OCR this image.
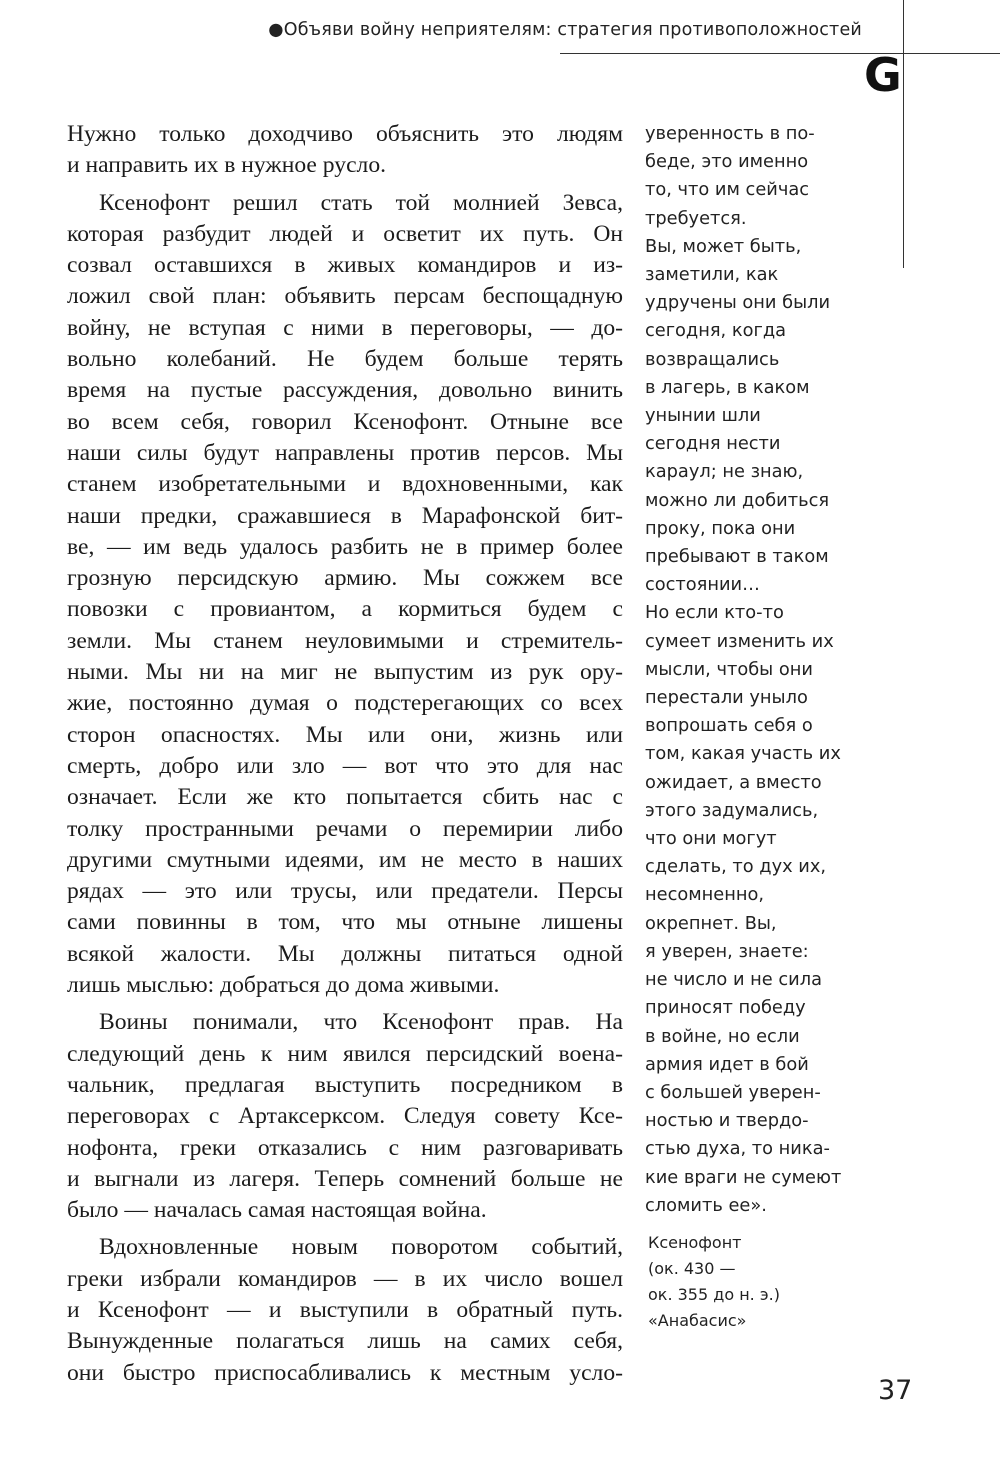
●Объяви войну неприятелям: стратегия противоположностей
G
Нужно только доходчиво объяснить это людям
и направить их в нужное русло.
Ксенофонт решил стать той молнией Зевса,
которая разбудит людей и осветит их путь. Он
созвал оставшихся в живых командиров и из-
ложил свой план: объявить персам беспощадную
войну, не вступая с ними в переговоры, — до-
вольно колебаний. Не будем больше терять
время на пустые рассуждения, довольно винить
во всем себя, говорил Ксенофонт. Отныне все
наши силы будут направлены против персов. Мы
станем изобретательными и вдохновенными, как
наши предки, сражавшиеся в Марафонской бит-
ве, — им ведь удалось разбить не в пример более
грозную персидскую армию. Мы сожжем все
повозки с провиантом, а кормиться будем с
земли. Мы станем неуловимыми и стремитель-
ными. Мы ни на миг не выпустим из рук ору-
жие, постоянно думая о подстерегающих со всех
сторон опасностях. Мы или они, жизнь или
смерть, добро или зло — вот что это для нас
означает. Если же кто попытается сбить нас с
толку пространными речами о перемирии либо
другими смутными идеями, им не место в наших
рядах — это или трусы, или предатели. Персы
сами повинны в том, что мы отныне лишены
всякой жалости. Мы должны питаться одной
лишь мыслью: добраться до дома живыми.
Воины понимали, что Ксенофонт прав. На
следующий день к ним явился персидский воена-
чальник, предлагая выступить посредником в
переговорах с Артаксерксом. Следуя совету Ксе-
нофонта, греки отказались с ним разговаривать
и выгнали из лагеря. Теперь сомнений больше не
было — началась самая настоящая война.
Вдохновленные новым поворотом событий,
греки избрали командиров — в их число вошел
и Ксенофонт — и выступили в обратный путь.
Вынужденные полагаться лишь на самих себя,
они быстро приспосабливались к местным усло-
уверенность в по-
беде, это именно
то, что им сейчас
требуется.
Вы, может быть,
заметили, как
удручены они были
сегодня, когда
возвращались
в лагерь, в каком
унынии шли
сегодня нести
караул; не знаю,
можно ли добиться
проку, пока они
пребывают в таком
состоянии…
Но если кто-то
сумеет изменить их
мысли, чтобы они
перестали уныло
вопрошать себя о
том, какая участь их
ожидает, а вместо
этого задумались,
что они могут
сделать, то дух их,
несомненно,
окрепнет. Вы,
я уверен, знаете:
не число и не сила
приносят победу
в войне, но если
армия идет в бой
с большей уверен-
ностью и твердо-
стью духа, то ника-
кие враги не сумеют
сломить ее».
Ксенофонт
(ок. 430 —
ок. 355 до н. э.)
«Анабасис»
37
